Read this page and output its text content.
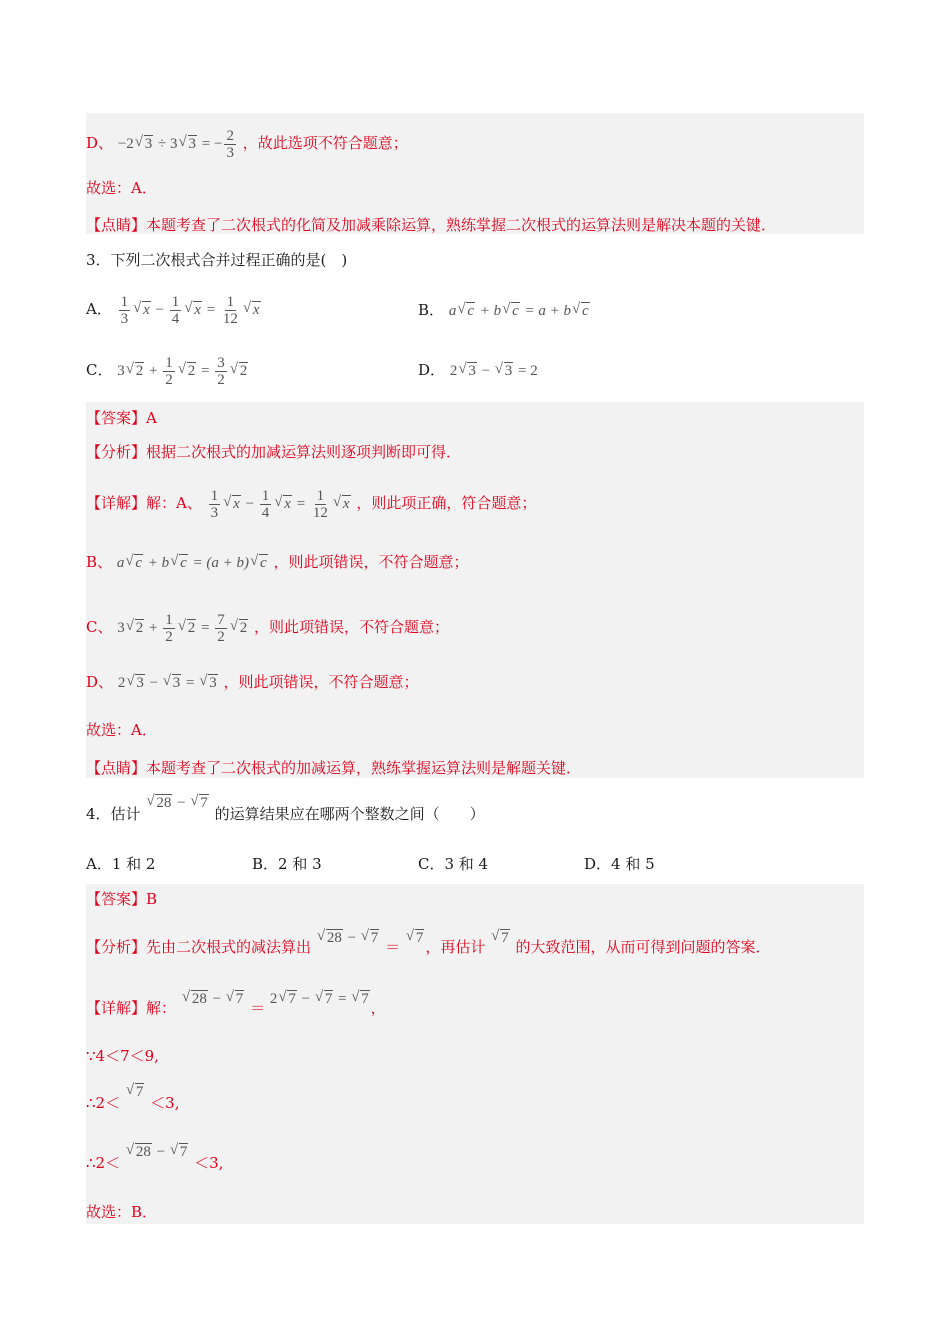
D、 −2 √ 3 ÷ 3 √ 3 = − $\frac{2}{3}$ ，故此选项不符合题意；
故选：A．
【点睛】本题考查了二次根式的化简及加减乘除运算，熟练掌握二次根式的运算法则是解决本题的关键．
3．下列二次根式合并过程正确的是(　)
A． $\frac{1}{3}$ √ $x - \frac{1}{4}$ √ $x = \frac{1}{12}$ √ x	B． a √ c + b √ c = a + b √ c
C． 3 √ $2 + \frac{1}{2}$ √ $2 = \frac{3}{2}$ √ 2	D． 2 √ 3 − √ 3 = 2
【答案】A
【分析】根据二次根式的加减运算法则逐项判断即可得．
【详解】解：A、 $\frac{1}{3}$ √ $x - \frac{1}{4}$ √ $x = \frac{1}{12}$ √ x ，则此项正确，符合题意；
B、 a √ c + b √ c = (a + b) √ c ，则此项错误，不符合题意；
C、 3 √ $2 + \frac{1}{2}$ √ $2 = \frac{7}{2}$ √ 2 ，则此项错误，不符合题意；
D、 2 √ 3 − √ 3 = √ 3 ，则此项错误，不符合题意；
故选：A．
【点睛】本题考查了二次根式的加减运算，熟练掌握运算法则是解题关键．
4．估计 √ 28 − √ 7 的运算结果应在哪两个整数之间（　　）
A．1 和 2	B．2 和 3	C．3 和 4	D．4 和 5
【答案】B
【分析】先由二次根式的减法算出 √ 28 − √ 7 ＝ √ 7 ，再估计 √ 7 的大致范围，从而可得到问题的答案．
【详解】解： √ 28 − √ 7 ＝ 2 √ 7 − √ 7 = √ 7 ，
∵4＜7＜9,
∴2＜ √ 7 ＜3,
∴2＜ √ 28 − √ 7 ＜3,
故选：B．
